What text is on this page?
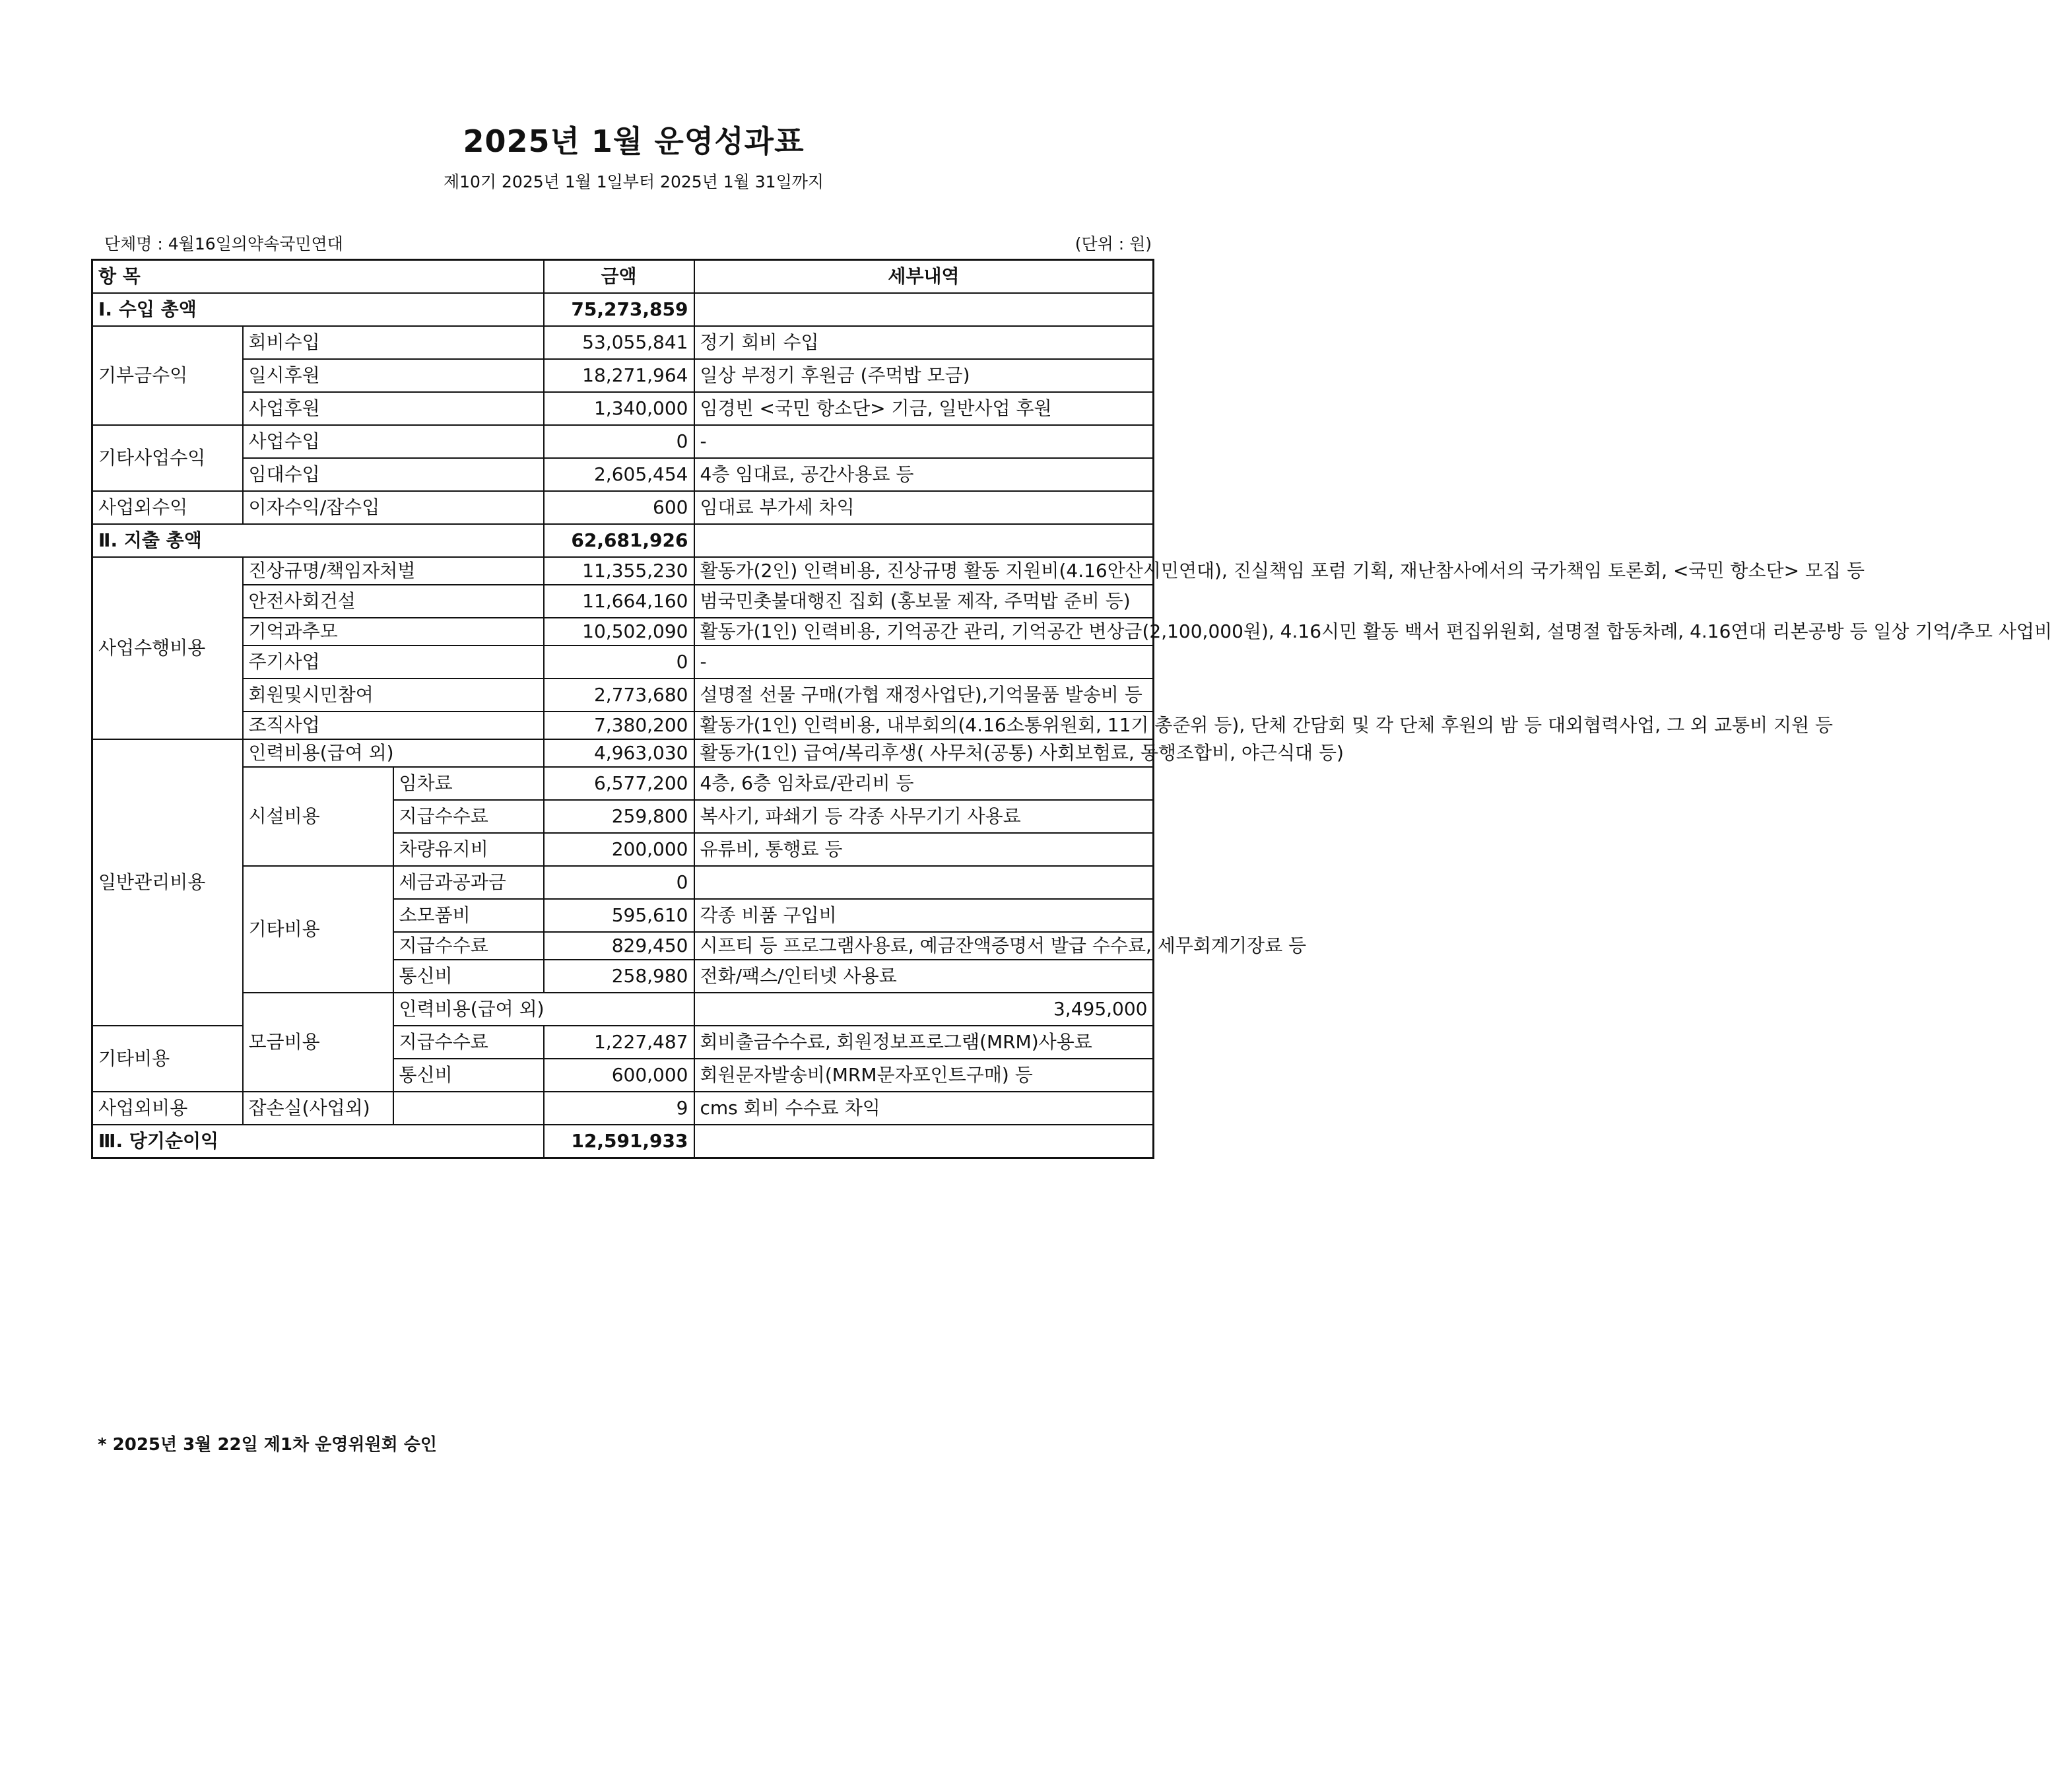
2025년 1월 운영성과표
제10기 2025년 1월 1일부터 2025년 1월 31일까지
단체명 : 4월16일의약속국민연대	(단위 : 원)
항 목			금액	세부내역	
Ⅰ. 수입 총액			75,273,859		
기부금수익	회비수입		53,055,841	정기 회비 수입	
	일시후원		18,271,964	일상 부정기 후원금 (주먹밥 모금)	
	사업후원		1,340,000	임경빈 <국민 항소단> 기금, 일반사업 후원	
기타사업수익	사업수입		0	-	
	임대수입		2,605,454	4층 임대료, 공간사용료 등	
사업외수익	이자수익/잡수입		600	임대료 부가세 차익	
Ⅱ. 지출 총액			62,681,926		
사업수행비용	진상규명/책임자처벌		11,355,230	활동가(2인) 인력비용, 진상규명 활동 지원비(4.16안산시민연대), 진실책임 포럼 기획, 재난참사에서의 국가책임 토론회, <국민 항소단> 모집 등	
	안전사회건설		11,664,160	범국민촛불대행진 집회 (홍보물 제작, 주먹밥 준비 등)	
	기억과추모		10,502,090	활동가(1인) 인력비용, 기억공간 관리, 기억공간 변상금(2,100,000원), 4.16시민 활동 백서 편집위원회, 설명절 합동차례, 4.16연대 리본공방 등 일상 기억/추모 사업비	
	주기사업		0	-	
	회원및시민참여		2,773,680	설명절 선물 구매(가협 재정사업단),기억물품 발송비 등	
	조직사업		7,380,200	활동가(1인) 인력비용, 내부회의(4.16소통위원회, 11기 총준위 등), 단체 간담회 및 각 단체 후원의 밤 등 대외협력사업, 그 외 교통비 지원 등	
일반관리비용	인력비용(급여 외)		4,963,030	활동가(1인) 급여/복리후생( 사무처(공통) 사회보험료, 동행조합비, 야근식대 등)	
	시설비용	임차료	6,577,200	4층, 6층 임차료/관리비 등	
		지급수수료	259,800	복사기, 파쇄기 등 각종 사무기기 사용료	
		차량유지비	200,000	유류비, 통행료 등	
	기타비용	세금과공과금	0		
		소모품비	595,610	각종 비품 구입비	
		지급수수료	829,450	시프티 등 프로그램사용료, 예금잔액증명서 발급 수수료, 세무회계기장료 등	
		통신비	258,980	전화/팩스/인터넷 사용료	
	모금비용	인력비용(급여 외)		3,495,000	
기타비용		지급수수료	1,227,487	회비출금수수료, 회원정보프로그램(MRM)사용료	
		통신비	600,000	회원문자발송비(MRM문자포인트구매) 등	
사업외비용	잡손실(사업외)		9	cms 회비 수수료 차익	
Ⅲ. 당기순이익			12,591,933		
* 2025년 3월 22일 제1차 운영위원회 승인
